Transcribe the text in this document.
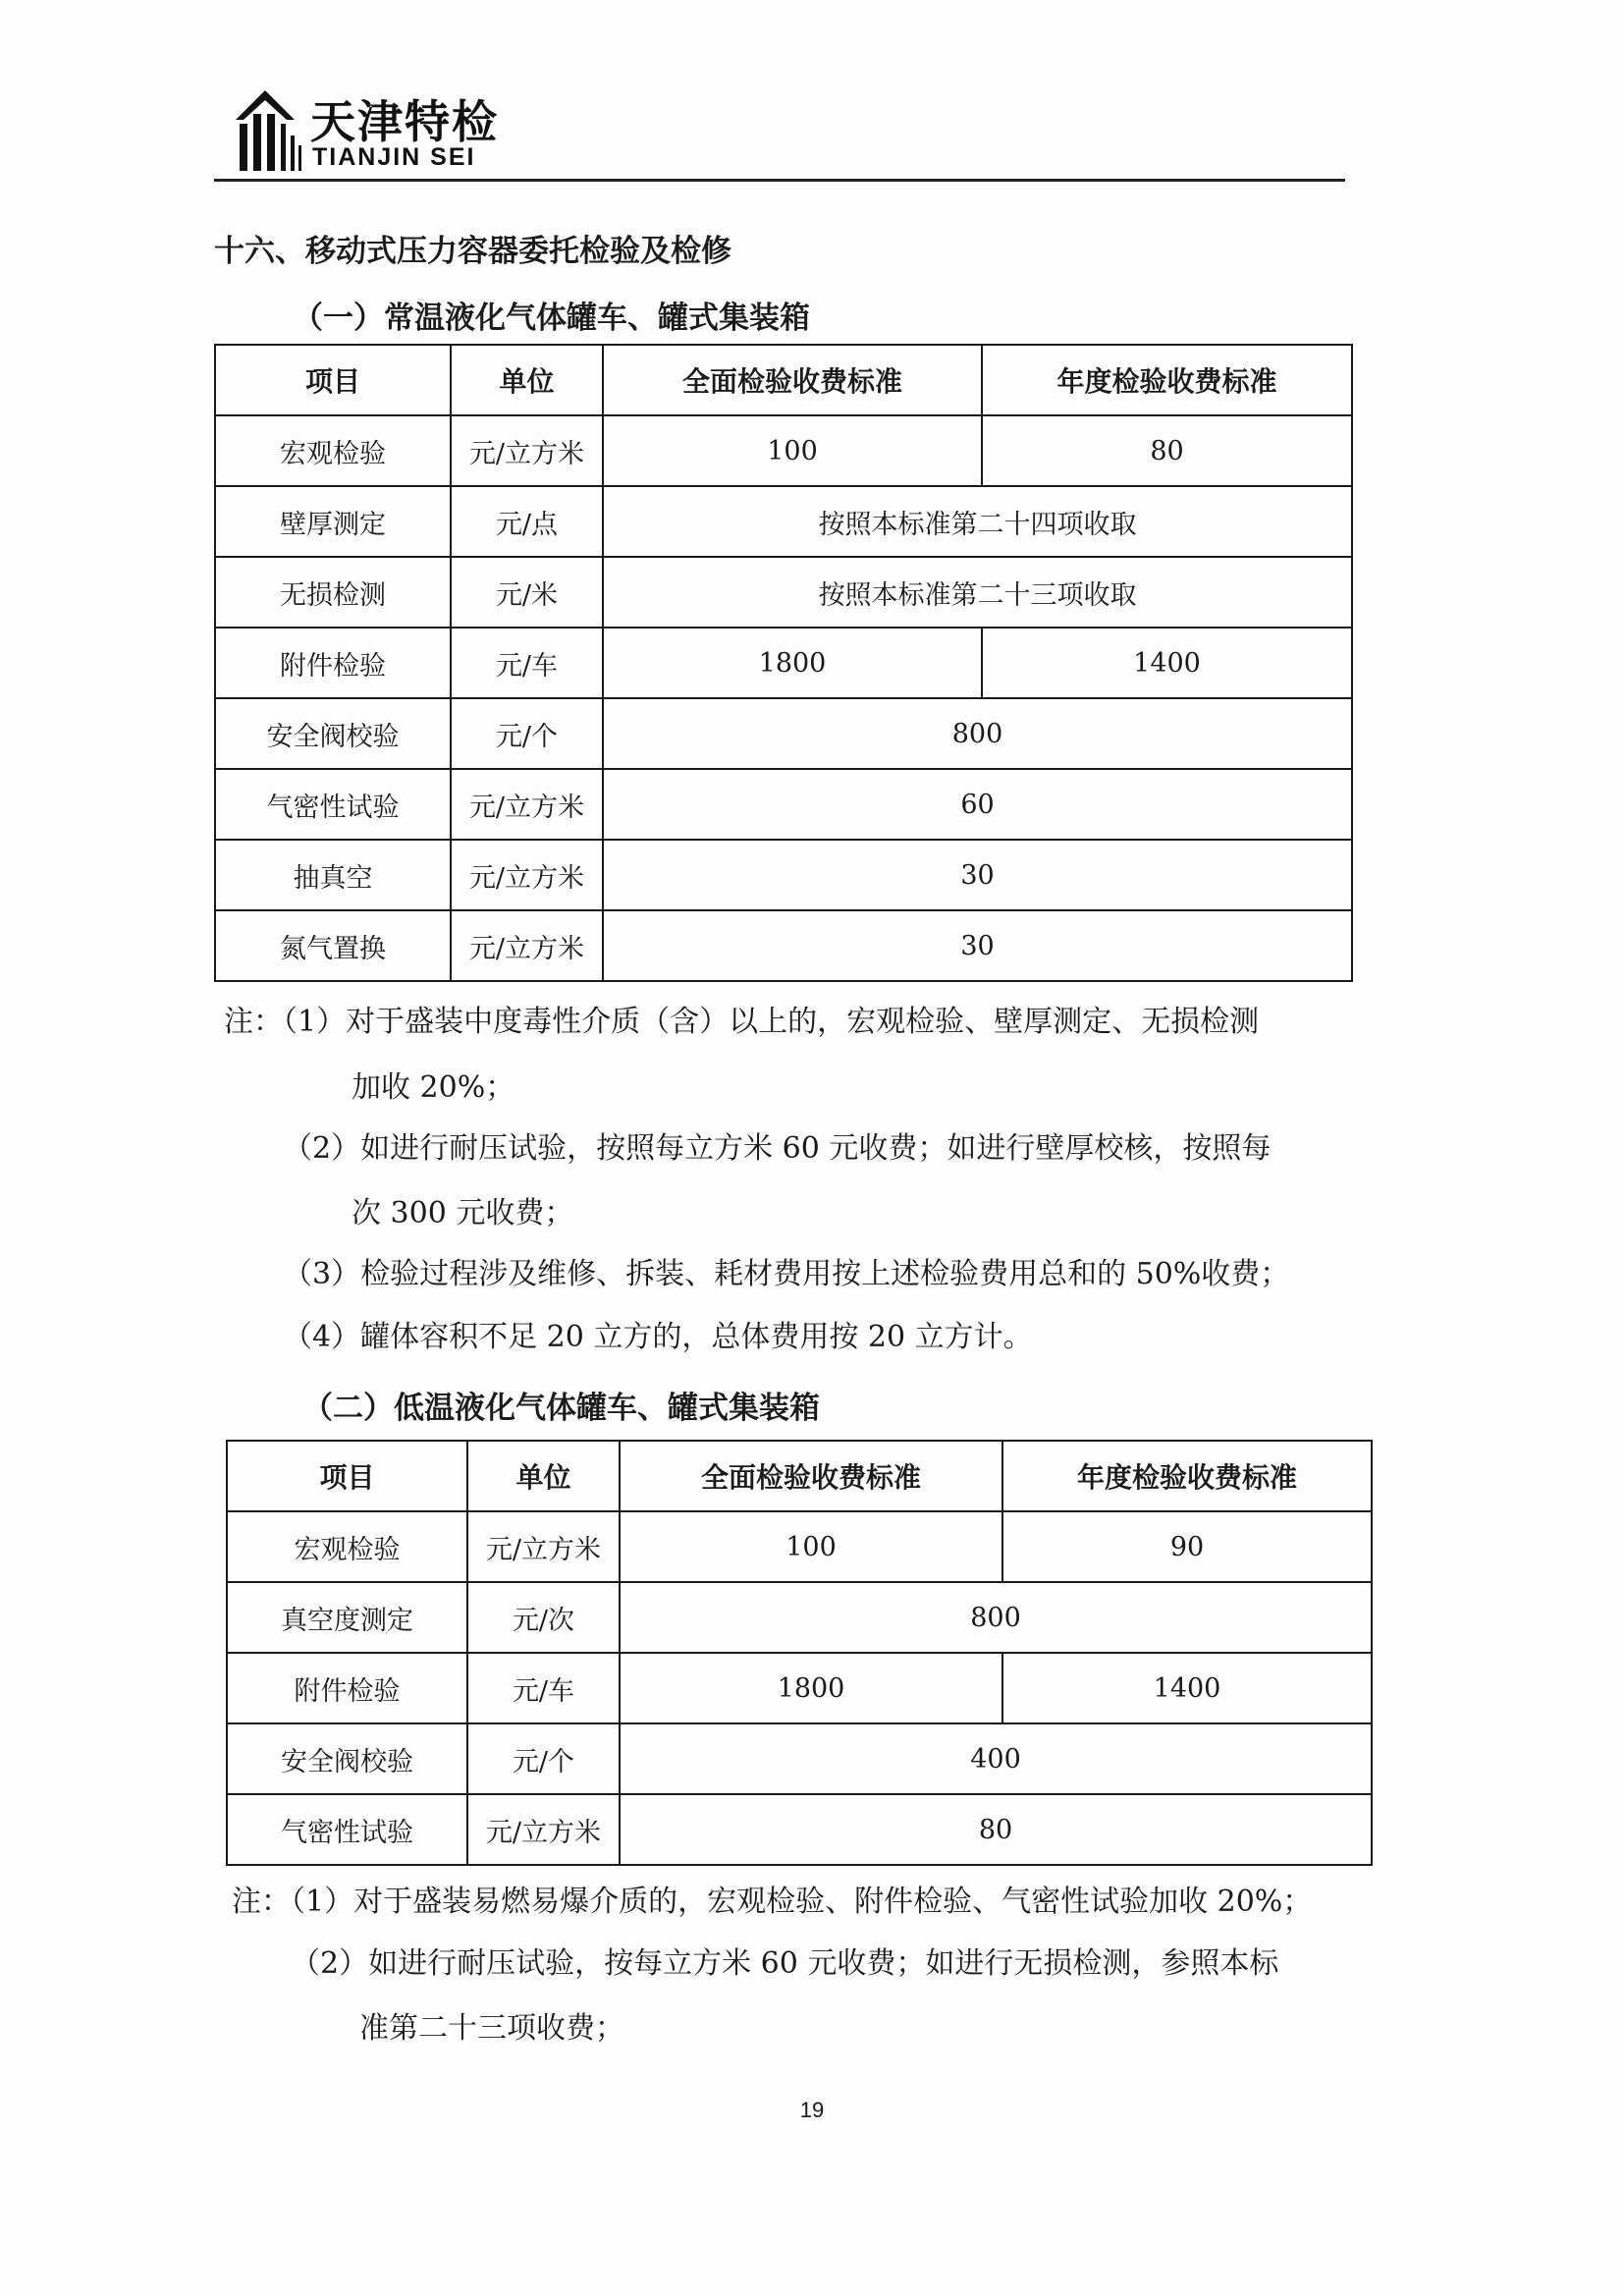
天津特检
TIANJIN SEI
十六、移动式压力容器委托检验及检修
（一）常温液化气体罐车、罐式集装箱
项目	单位	全面检验收费标准	年度检验收费标准
宏观检验	元/立方米	100	80
壁厚测定	元/点	按照本标准第二十四项收取	
无损检测	元/米	按照本标准第二十三项收取	
附件检验	元/车	1800	1400
安全阀校验	元/个	800	
气密性试验	元/立方米	60	
抽真空	元/立方米	30	
氮气置换	元/立方米	30	
注：（1）对于盛装中度毒性介质（含）以上的，宏观检验、壁厚测定、无损检测
加收 20%；
（2）如进行耐压试验，按照每立方米 60 元收费；如进行壁厚校核，按照每
次 300 元收费；
（3）检验过程涉及维修、拆装、耗材费用按上述检验费用总和的 50%收费；
（4）罐体容积不足 20 立方的，总体费用按 20 立方计。
（二）低温液化气体罐车、罐式集装箱
项目	单位	全面检验收费标准	年度检验收费标准
宏观检验	元/立方米	100	90
真空度测定	元/次	800	
附件检验	元/车	1800	1400
安全阀校验	元/个	400	
气密性试验	元/立方米	80	
注：（1）对于盛装易燃易爆介质的，宏观检验、附件检验、气密性试验加收 20%；
（2）如进行耐压试验，按每立方米 60 元收费；如进行无损检测，参照本标
准第二十三项收费；
19
